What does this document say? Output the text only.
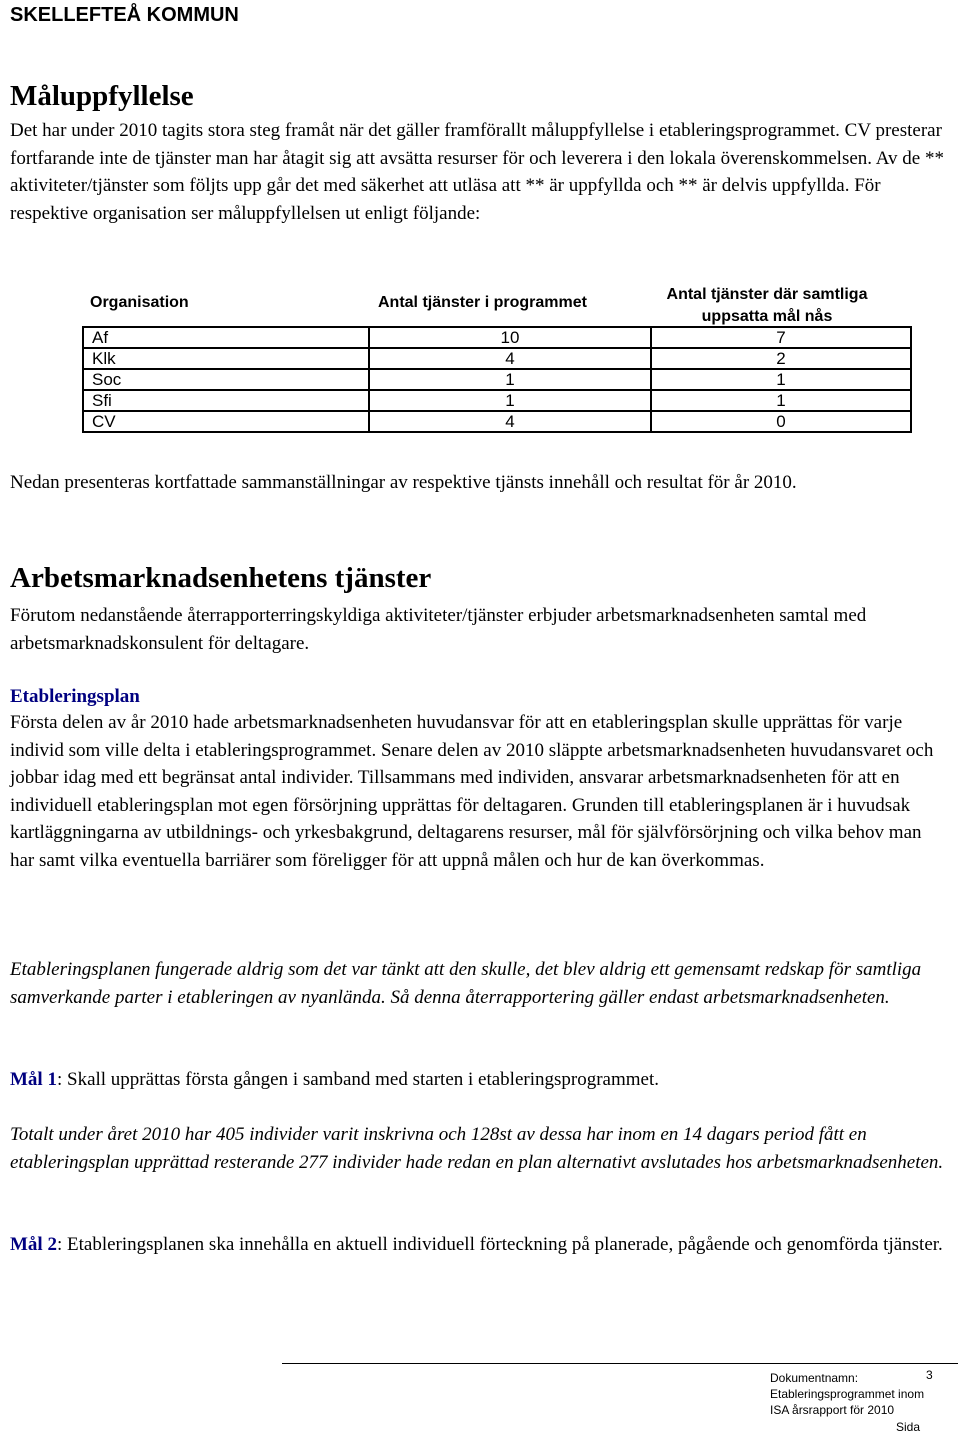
SKELLEFTEÅ KOMMUN
Måluppfyllelse

Det har under 2010 tagits stora steg framåt när det gäller framförallt måluppfyllelse i etableringsprogrammet. CV presterar fortfarande inte de tjänster man har åtagit sig att avsätta resurser för och leverera i den lokala överenskommelsen. Av de ** aktiviteter/tjänster som följts upp går det med säkerhet att utläsa att ** är uppfyllda och ** är delvis uppfyllda. För respektive organisation ser måluppfyllelsen ut enligt följande:

Organisation	Antal tjänster i programmet	Antal tjänster där samtliga uppsatta mål nås
Af	10	7
Klk	4	2
Soc	1	1
Sfi	1	1
CV	4	0

Nedan presenteras kortfattade sammanställningar av respektive tjänsts innehåll och resultat för år 2010.

Arbetsmarknadsenhetens tjänster

Förutom nedanstående återrapporterringskyldiga aktiviteter/tjänster erbjuder arbetsmarknadsenheten samtal med arbetsmarknadskonsulent för deltagare.

Etableringsplan

Första delen av år 2010 hade arbetsmarknadsenheten huvudansvar för att en etableringsplan skulle upprättas för varje individ som ville delta i etableringsprogrammet. Senare delen av 2010 släppte arbetsmarknadsenheten huvudansvaret och jobbar idag med ett begränsat antal individer. Tillsammans med individen, ansvarar arbetsmarknadsenheten för att en individuell etableringsplan mot egen försörjning upprättas för deltagaren. Grunden till etableringsplanen är i huvudsak kartläggningarna av utbildnings- och yrkesbakgrund, deltagarens resurser, mål för självförsörjning och vilka behov man har samt vilka eventuella barriärer som föreligger för att uppnå målen och hur de kan överkommas.

Etableringsplanen fungerade aldrig som det var tänkt att den skulle, det blev aldrig ett gemensamt redskap för samtliga samverkande parter i etableringen av nyanlända. Så denna återrapportering gäller endast arbetsmarknadsenheten.

Mål 1: Skall upprättas första gången i samband med starten i etableringsprogrammet.

Totalt under året 2010 har 405 individer varit inskrivna och 128st av dessa har inom en 14 dagars period fått en etableringsplan upprättad resterande 277 individer hade redan en plan alternativt avslutades hos arbetsmarknadsenheten.

Mål 2: Etableringsplanen ska innehålla en aktuell individuell förteckning på planerade, pågående och genomförda tjänster.

Dokumentnamn:
Etableringsprogrammet inom
ISA årsrapport för 2010
3
Sida
